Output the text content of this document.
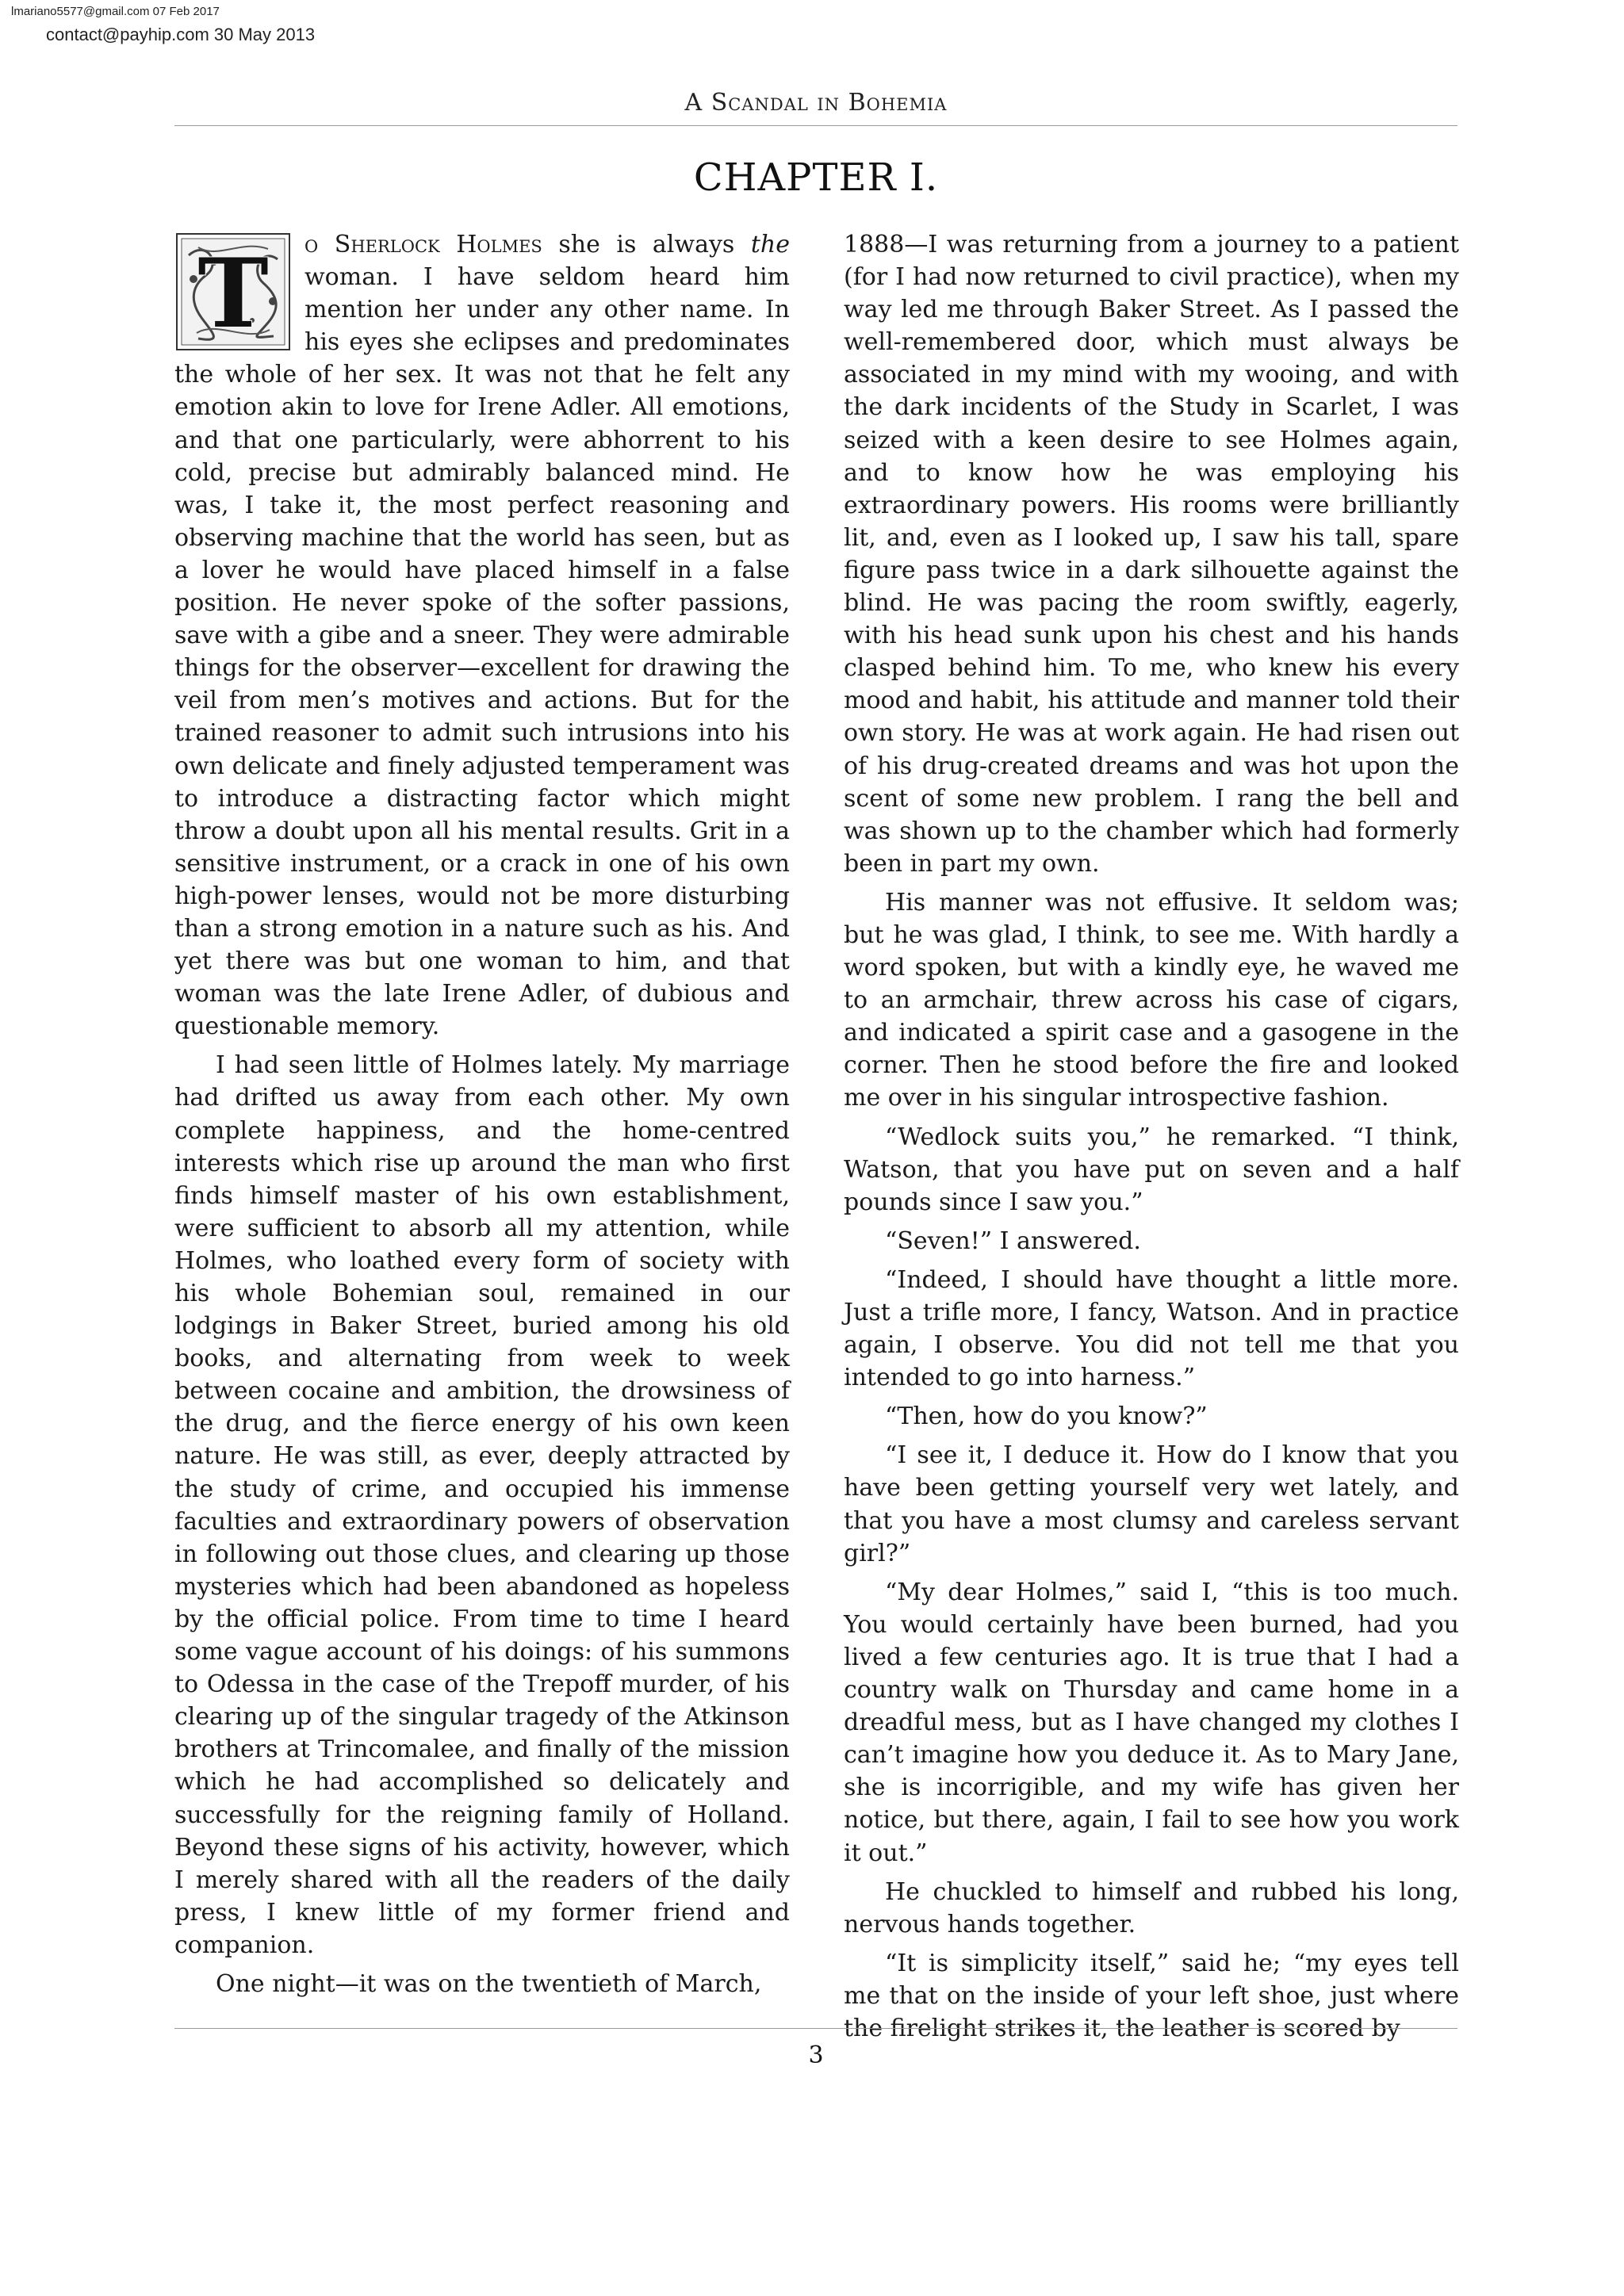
lmariano5577@gmail.com 07 Feb 2017
contact@payhip.com 30 May 2013
A Scandal in Bohemia
CHAPTER I.

T o Sherlock Holmes she is always the woman. I have seldom heard him mention her under any other name. In his eyes she eclipses and predominates the whole of her sex. It was not that he felt any emotion akin to love for Irene Adler. All emotions, and that one particularly, were abhorrent to his cold, precise but admirably balanced mind. He was, I take it, the most perfect reasoning and observing machine that the world has seen, but as a lover he would have placed himself in a false position. He never spoke of the softer passions, save with a gibe and a sneer. They were admirable things for the observer—excellent for drawing the veil from men’s motives and actions. But for the trained reasoner to admit such intrusions into his own delicate and finely adjusted temperament was to introduce a distracting factor which might throw a doubt upon all his mental results. Grit in a sensitive instrument, or a crack in one of his own high-power lenses, would not be more disturbing than a strong emotion in a nature such as his. And yet there was but one woman to him, and that woman was the late Irene Adler, of dubious and questionable memory.

I had seen little of Holmes lately. My marriage had drifted us away from each other. My own complete happiness, and the home-centred interests which rise up around the man who first finds himself master of his own establishment, were sufficient to absorb all my attention, while Holmes, who loathed every form of society with his whole Bohemian soul, remained in our lodgings in Baker Street, buried among his old books, and alternating from week to week between cocaine and ambition, the drowsiness of the drug, and the fierce energy of his own keen nature. He was still, as ever, deeply attracted by the study of crime, and occupied his immense faculties and extraordinary powers of observation in following out those clues, and clearing up those mysteries which had been abandoned as hopeless by the official police. From time to time I heard some vague account of his doings: of his summons to Odessa in the case of the Trepoff murder, of his clearing up of the singular tragedy of the Atkinson brothers at Trincomalee, and finally of the mission which he had accomplished so delicately and successfully for the reigning family of Holland. Beyond these signs of his activity, however, which I merely shared with all the readers of the daily press, I knew little of my former friend and companion.

One night—it was on the twentieth of March,

1888—I was returning from a journey to a patient (for I had now returned to civil practice), when my way led me through Baker Street. As I passed the well-remembered door, which must always be associated in my mind with my wooing, and with the dark incidents of the Study in Scarlet, I was seized with a keen desire to see Holmes again, and to know how he was employing his extraordinary powers. His rooms were brilliantly lit, and, even as I looked up, I saw his tall, spare figure pass twice in a dark silhouette against the blind. He was pacing the room swiftly, eagerly, with his head sunk upon his chest and his hands clasped behind him. To me, who knew his every mood and habit, his attitude and manner told their own story. He was at work again. He had risen out of his drug-created dreams and was hot upon the scent of some new problem. I rang the bell and was shown up to the chamber which had formerly been in part my own.

His manner was not effusive. It seldom was; but he was glad, I think, to see me. With hardly a word spoken, but with a kindly eye, he waved me to an armchair, threw across his case of cigars, and indicated a spirit case and a gasogene in the corner. Then he stood before the fire and looked me over in his singular introspective fashion.

“Wedlock suits you,” he remarked. “I think, Watson, that you have put on seven and a half pounds since I saw you.”

“Seven!” I answered.

“Indeed, I should have thought a little more. Just a trifle more, I fancy, Watson. And in practice again, I observe. You did not tell me that you intended to go into harness.”

“Then, how do you know?”

“I see it, I deduce it. How do I know that you have been getting yourself very wet lately, and that you have a most clumsy and careless servant girl?”

“My dear Holmes,” said I, “this is too much. You would certainly have been burned, had you lived a few centuries ago. It is true that I had a country walk on Thursday and came home in a dreadful mess, but as I have changed my clothes I can’t imagine how you deduce it. As to Mary Jane, she is incorrigible, and my wife has given her notice, but there, again, I fail to see how you work it out.”

He chuckled to himself and rubbed his long, nervous hands together.

“It is simplicity itself,” said he; “my eyes tell me that on the inside of your left shoe, just where the firelight strikes it, the leather is scored by

3
